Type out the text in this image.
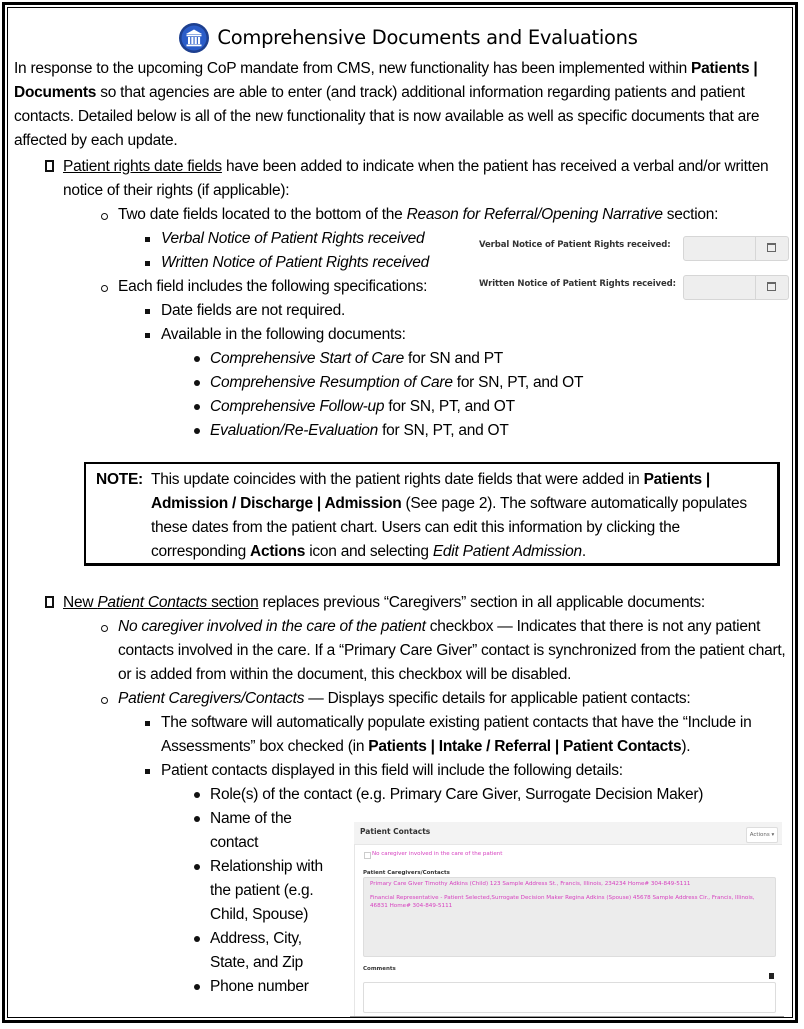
Comprehensive Documents and Evaluations

In response to the upcoming CoP mandate from CMS, new functionality has been implemented within Patients | Documents so that agencies are able to enter (and track) additional information regarding patients and patient contacts. Detailed below is all of the new functionality that is now available as well as specific documents that are affected by each update.

Patient rights date fields have been added to indicate when the patient has received a verbal and/or written notice of their rights (if applicable):
Two date fields located to the bottom of the Reason for Referral/Opening Narrative section:
Verbal Notice of Patient Rights received
Written Notice of Patient Rights received
Each field includes the following specifications:
Date fields are not required.
Available in the following documents:
Comprehensive Start of Care for SN and PT
Comprehensive Resumption of Care for SN, PT, and OT
Comprehensive Follow-up for SN, PT, and OT
Evaluation/Re-Evaluation for SN, PT, and OT
New Patient Contacts section replaces previous “Caregivers” section in all applicable documents:
No caregiver involved in the care of the patient checkbox — Indicates that there is not any patient contacts involved in the care. If a “Primary Care Giver” contact is synchronized from the patient chart, or is added from within the document, this checkbox will be disabled.
Patient Caregivers/Contacts — Displays specific details for applicable patient contacts:
The software will automatically populate existing patient contacts that have the “Include in Assessments” box checked (in Patients | Intake / Referral | Patient Contacts).
Patient contacts displayed in this field will include the following details:
Role(s) of the contact (e.g. Primary Care Giver, Surrogate Decision Maker)
Name of the contact
Relationship with the patient (e.g. Child, Spouse)
Address, City, State, and Zip
Phone number
NOTE: This update coincides with the patient rights date fields that were added in Patients | Admission / Discharge | Admission (See page 2). The software automatically populates these dates from the patient chart. Users can edit this information by clicking the corresponding Actions icon and selecting Edit Patient Admission.
Verbal Notice of Patient Rights received:
Written Notice of Patient Rights received:
Patient Contacts	Actions ▾
No caregiver involved in the care of the patient
Patient Caregivers/Contacts

Primary Care Giver Timothy Adkins (Child) 123 Sample Address St., Francis, Illinois, 234234 Home# 304-849-5111

Financial Representative - Patient Selected,Surrogate Decision Maker Regina Adkins (Spouse) 45678 Sample Address Cir., Francis, Illinois, 46831 Home# 304-849-5111

Comments
